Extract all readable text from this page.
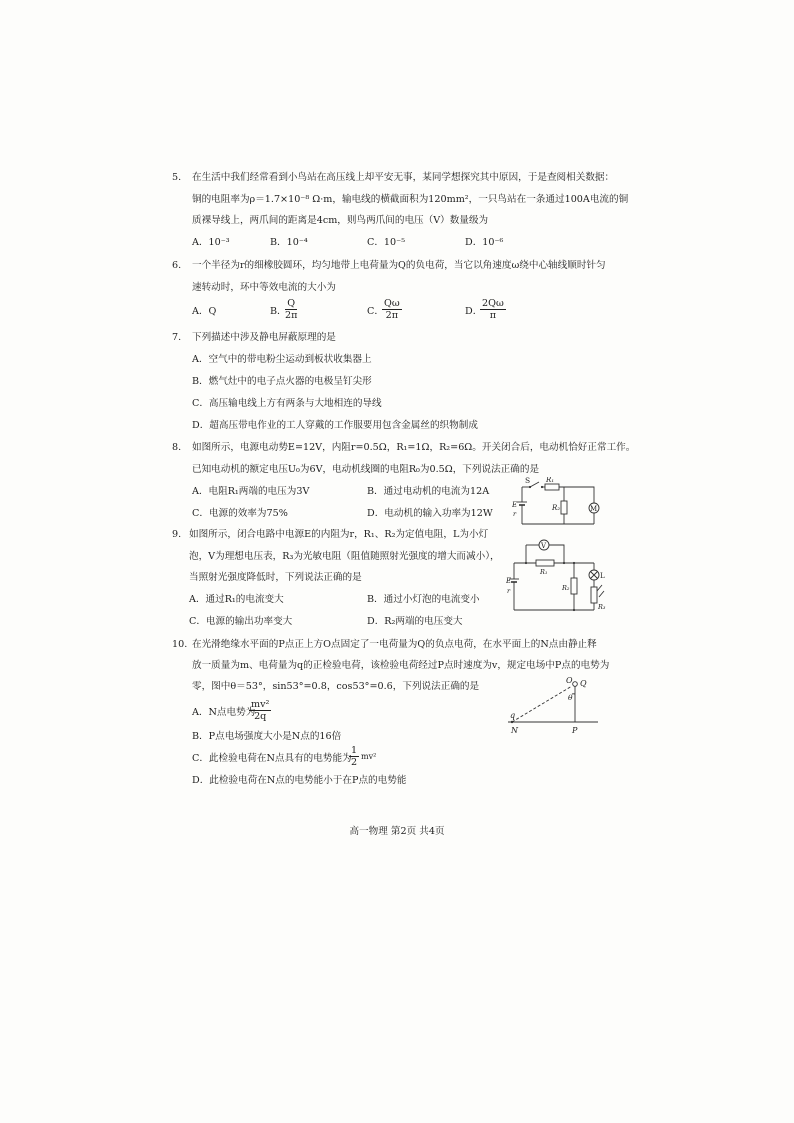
5. 在生活中我们经常看到小鸟站在高压线上却平安无事，某同学想探究其中原因，于是查阅相关数据：
铜的电阻率为ρ＝1.7×10⁻⁸ Ω·m，输电线的横截面积为120mm²，一只鸟站在一条通过100A电流的铜
质裸导线上，两爪间的距离是4cm，则鸟两爪间的电压（V）数量级为
A．10⁻³	B．10⁻⁴	C．10⁻⁵	D．10⁻⁶
6. 一个半径为r的细橡胶圆环，均匀地带上电荷量为Q的负电荷，当它以角速度ω绕中心轴线顺时针匀
速转动时，环中等效电流的大小为
A．Q	B．
$\frac{Q}{2\pi}$	C．
$\frac{Q\omega}{2\pi}$	D．
$\frac{2Q\omega}{\pi}$
7. 下列描述中涉及静电屏蔽原理的是
A．空气中的带电粉尘运动到板状收集器上
B．燃气灶中的电子点火器的电极呈钉尖形
C．高压输电线上方有两条与大地相连的导线
D．超高压带电作业的工人穿戴的工作服要用包含金属丝的织物制成
8. 如图所示，电源电动势E=12V，内阻r=0.5Ω，R₁=1Ω，R₂=6Ω。开关闭合后，电动机恰好正常工作。
已知电动机的额定电压U₀为6V，电动机线圈的电阻R₀为0.5Ω，下列说法正确的是
A．电阻R₁两端的电压为3V	B．通过电动机的电流为12A
C．电源的效率为75%	D．电动机的输入功率为12W
S R₁
R₂	M
E
r
9. 如图所示，闭合电路中电源E的内阻为r，R₁、R₂为定值电阻，L为小灯
泡，V为理想电压表，R₃为光敏电阻（阻值随照射光强度的增大而减小），
当照射光强度降低时，下列说法正确的是
A．通过R₁的电流变大	B．通过小灯泡的电流变小
C．电源的输出功率变大	D．R₂两端的电压变大
V
R₁
R₂
L
R₃
E
r
10. 在光滑绝缘水平面的P点正上方O点固定了一电荷量为Q的负点电荷，在水平面上的N点由静止释
放一质量为m、电荷量为q的正检验电荷，该检验电荷经过P点时速度为v，规定电场中P点的电势为
零，图中θ＝53°，sin53°=0.8，cos53°=0.6，下列说法正确的是
A．N点电势为
$\frac{\text{mv²}}{2q}$
B．P点电场强度大小是N点的16倍
C．此检验电荷在N点具有的电势能为
$\frac{1}{2} mv^2$
D．此检验电荷在N点的电势能小于在P点的电势能
O Q
θ
q
N	P
高一物理 第2页 共4页
